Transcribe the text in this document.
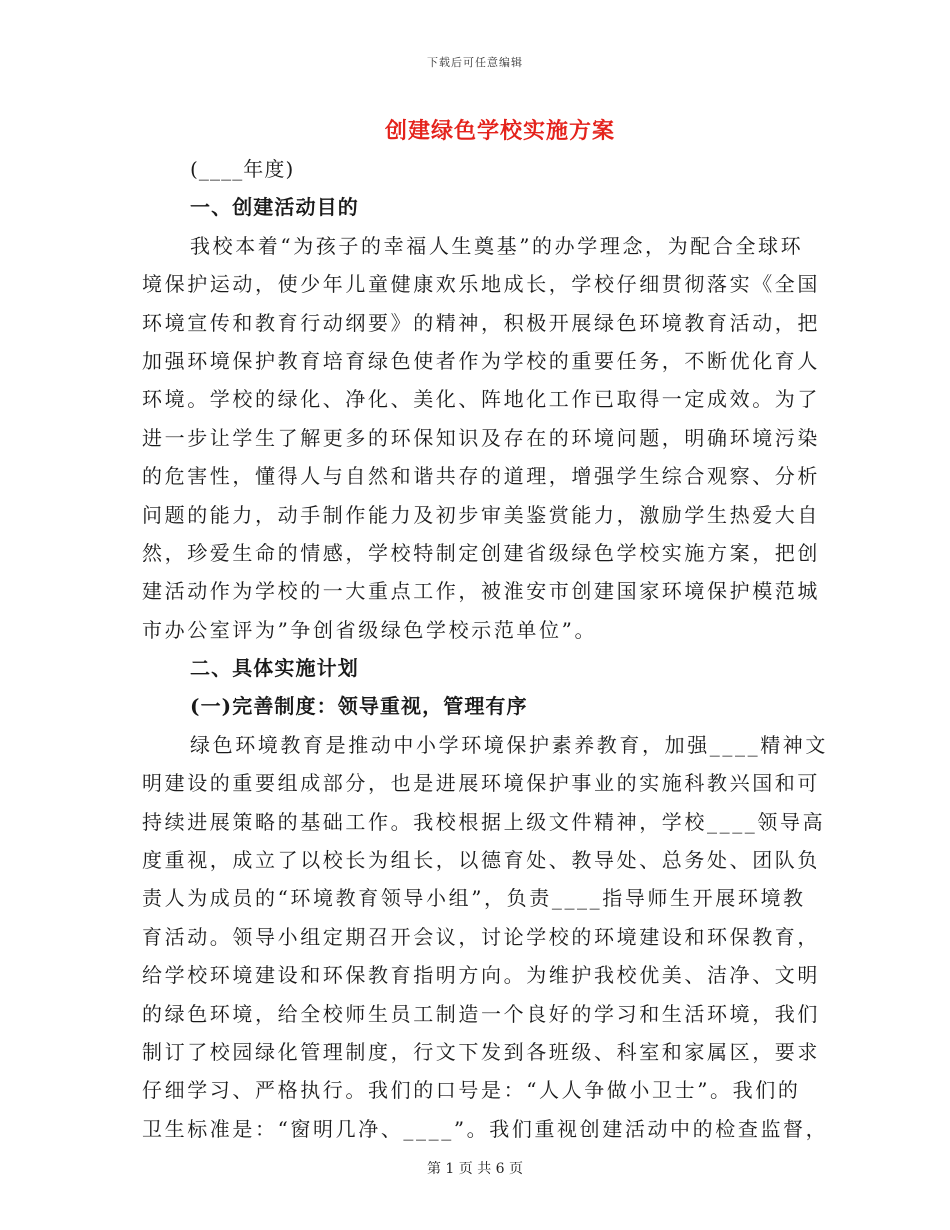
下载后可任意编辑
创建绿色学校实施方案
(____年度)
一、创建活动目的
我校本着“为孩子的幸福人生奠基”的办学理念，为配合全球环
境保护运动，使少年儿童健康欢乐地成长，学校仔细贯彻落实《全国
环境宣传和教育行动纲要》的精神，积极开展绿色环境教育活动，把
加强环境保护教育培育绿色使者作为学校的重要任务，不断优化育人
环境。学校的绿化、净化、美化、阵地化工作已取得一定成效。为了
进一步让学生了解更多的环保知识及存在的环境问题，明确环境污染
的危害性，懂得人与自然和谐共存的道理，增强学生综合观察、分析
问题的能力，动手制作能力及初步审美鉴赏能力，激励学生热爱大自
然，珍爱生命的情感，学校特制定创建省级绿色学校实施方案，把创
建活动作为学校的一大重点工作，被淮安市创建国家环境保护模范城
市办公室评为”争创省级绿色学校示范单位”。
二、具体实施计划
(一)完善制度：领导重视，管理有序
绿色环境教育是推动中小学环境保护素养教育，加强____精神文
明建设的重要组成部分，也是进展环境保护事业的实施科教兴国和可
持续进展策略的基础工作。我校根据上级文件精神，学校____领导高
度重视，成立了以校长为组长，以德育处、教导处、总务处、团队负
责人为成员的“环境教育领导小组”，负责____指导师生开展环境教
育活动。领导小组定期召开会议，讨论学校的环境建设和环保教育，
给学校环境建设和环保教育指明方向。为维护我校优美、洁净、文明
的绿色环境，给全校师生员工制造一个良好的学习和生活环境，我们
制订了校园绿化管理制度，行文下发到各班级、科室和家属区，要求
仔细学习、严格执行。我们的口号是：“人人争做小卫士”。我们的
卫生标准是：“窗明几净、____”。我们重视创建活动中的检查监督，
第 1 页 共 6 页
